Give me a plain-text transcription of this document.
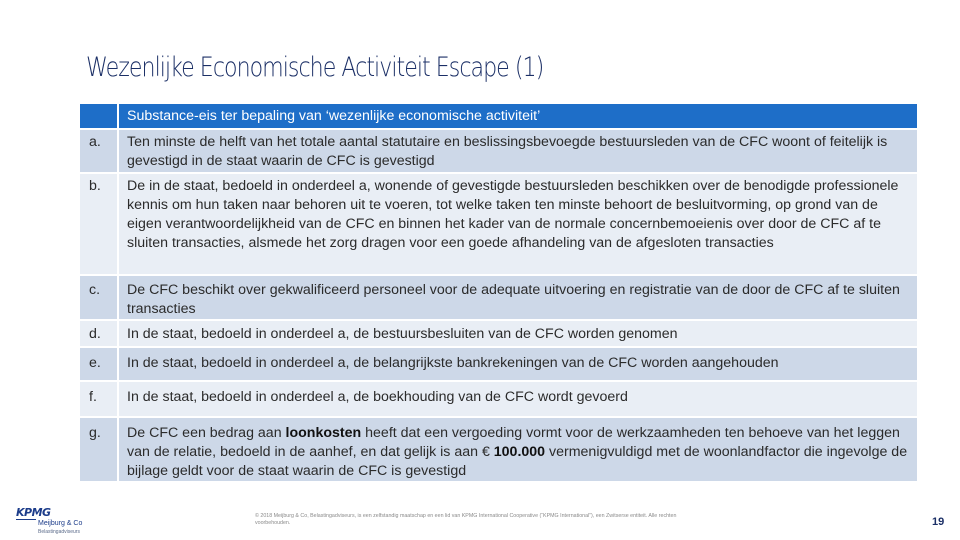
Wezenlijke Economische Activiteit Escape (1)
	Substance-eis ter bepaling van ‘wezenlijke economische activiteit’
a.	Ten minste de helft van het totale aantal statutaire en beslissingsbevoegde bestuursleden van de CFC woont of feitelijk is gevestigd in de staat waarin de CFC is gevestigd
b.	De in de staat, bedoeld in onderdeel a, wonende of gevestigde bestuursleden beschikken over de benodigde professionele kennis om hun taken naar behoren uit te voeren, tot welke taken ten minste behoort de besluitvorming, op grond van de eigen verantwoordelijkheid van de CFC en binnen het kader van de normale concernbemoeienis over door de CFC af te sluiten transacties, alsmede het zorg dragen voor een goede afhandeling van de afgesloten transacties
c.	De CFC beschikt over gekwalificeerd personeel voor de adequate uitvoering en registratie van de door de CFC af te sluiten transacties
d.	In de staat, bedoeld in onderdeel a, de bestuursbesluiten van de CFC worden genomen
e.	In de staat, bedoeld in onderdeel a, de belangrijkste bankrekeningen van de CFC worden aangehouden
f.	In de staat, bedoeld in onderdeel a, de boekhouding van de CFC wordt gevoerd
g.	De CFC een bedrag aan loonkosten heeft dat een vergoeding vormt voor de werkzaamheden ten behoeve van het leggen van de relatie, bedoeld in de aanhef, en dat gelijk is aan € 100.000 vermenigvuldigd met de woonlandfactor die ingevolge de bijlage geldt voor de staat waarin de CFC is gevestigd
KPMG
Meijburg & Co
Belastingadviseurs
© 2018 Meijburg & Co, Belastingadviseurs, is een zelfstandig maatschap en een lid van KPMG International Cooperative (“KPMG International”), een Zwitserse entiteit. Alle rechten voorbehouden.	19
